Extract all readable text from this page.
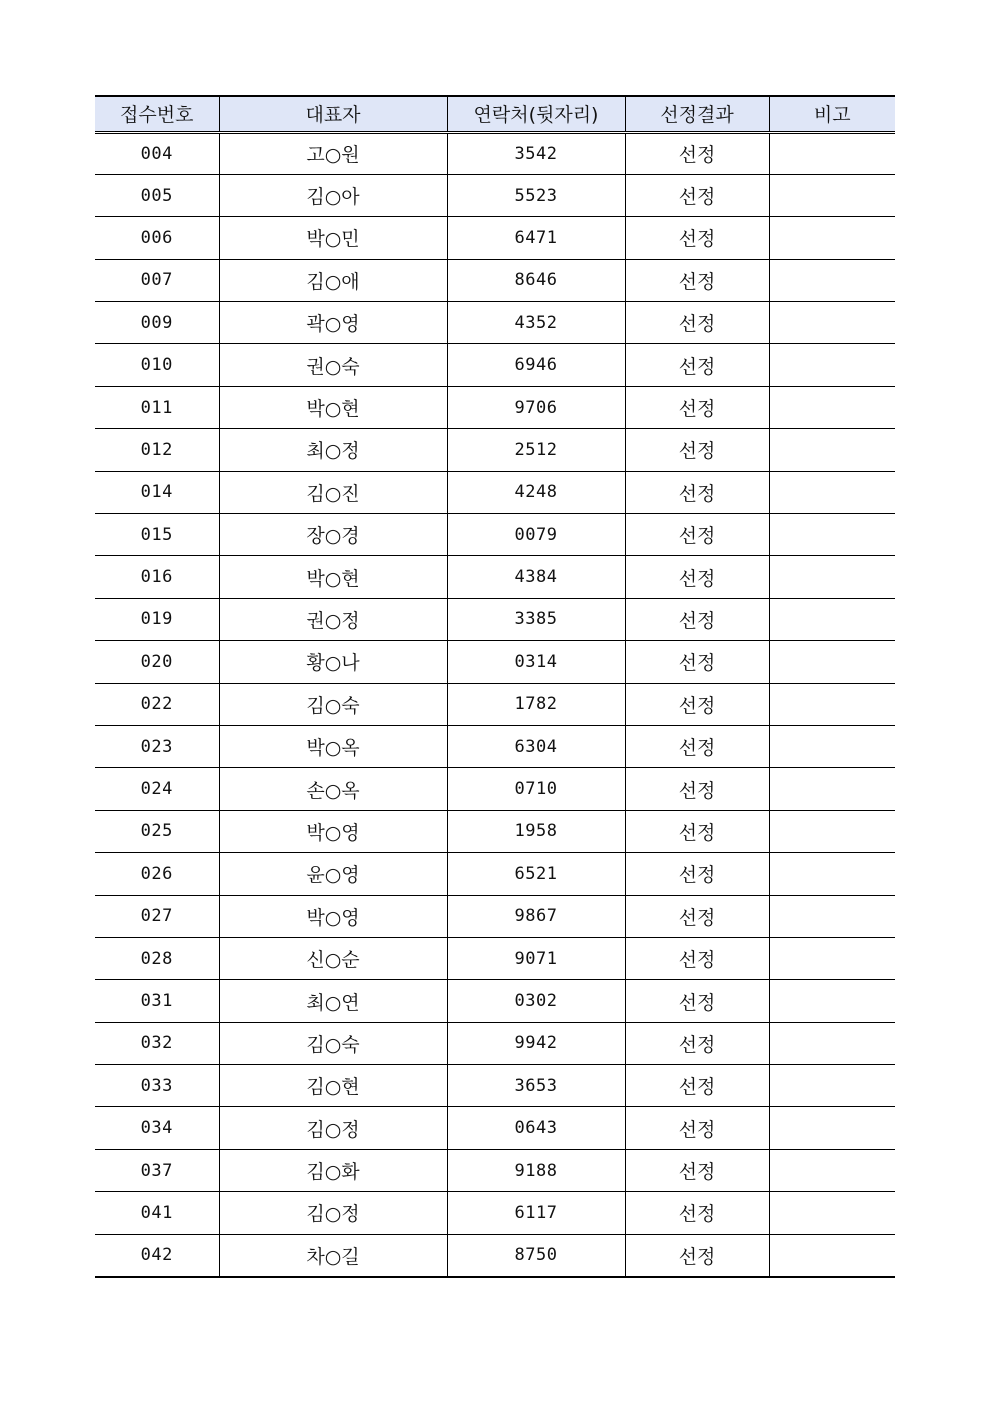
접수번호	대표자	연락처(뒷자리)	선정결과	비고
004	고○원	3542	선정	
005	김○아	5523	선정	
006	박○민	6471	선정	
007	김○애	8646	선정	
009	곽○영	4352	선정	
010	권○숙	6946	선정	
011	박○현	9706	선정	
012	최○정	2512	선정	
014	김○진	4248	선정	
015	장○경	0079	선정	
016	박○현	4384	선정	
019	권○정	3385	선정	
020	황○나	0314	선정	
022	김○숙	1782	선정	
023	박○옥	6304	선정	
024	손○옥	0710	선정	
025	박○영	1958	선정	
026	윤○영	6521	선정	
027	박○영	9867	선정	
028	신○순	9071	선정	
031	최○연	0302	선정	
032	김○숙	9942	선정	
033	김○현	3653	선정	
034	김○정	0643	선정	
037	김○화	9188	선정	
041	김○정	6117	선정	
042	차○길	8750	선정	
